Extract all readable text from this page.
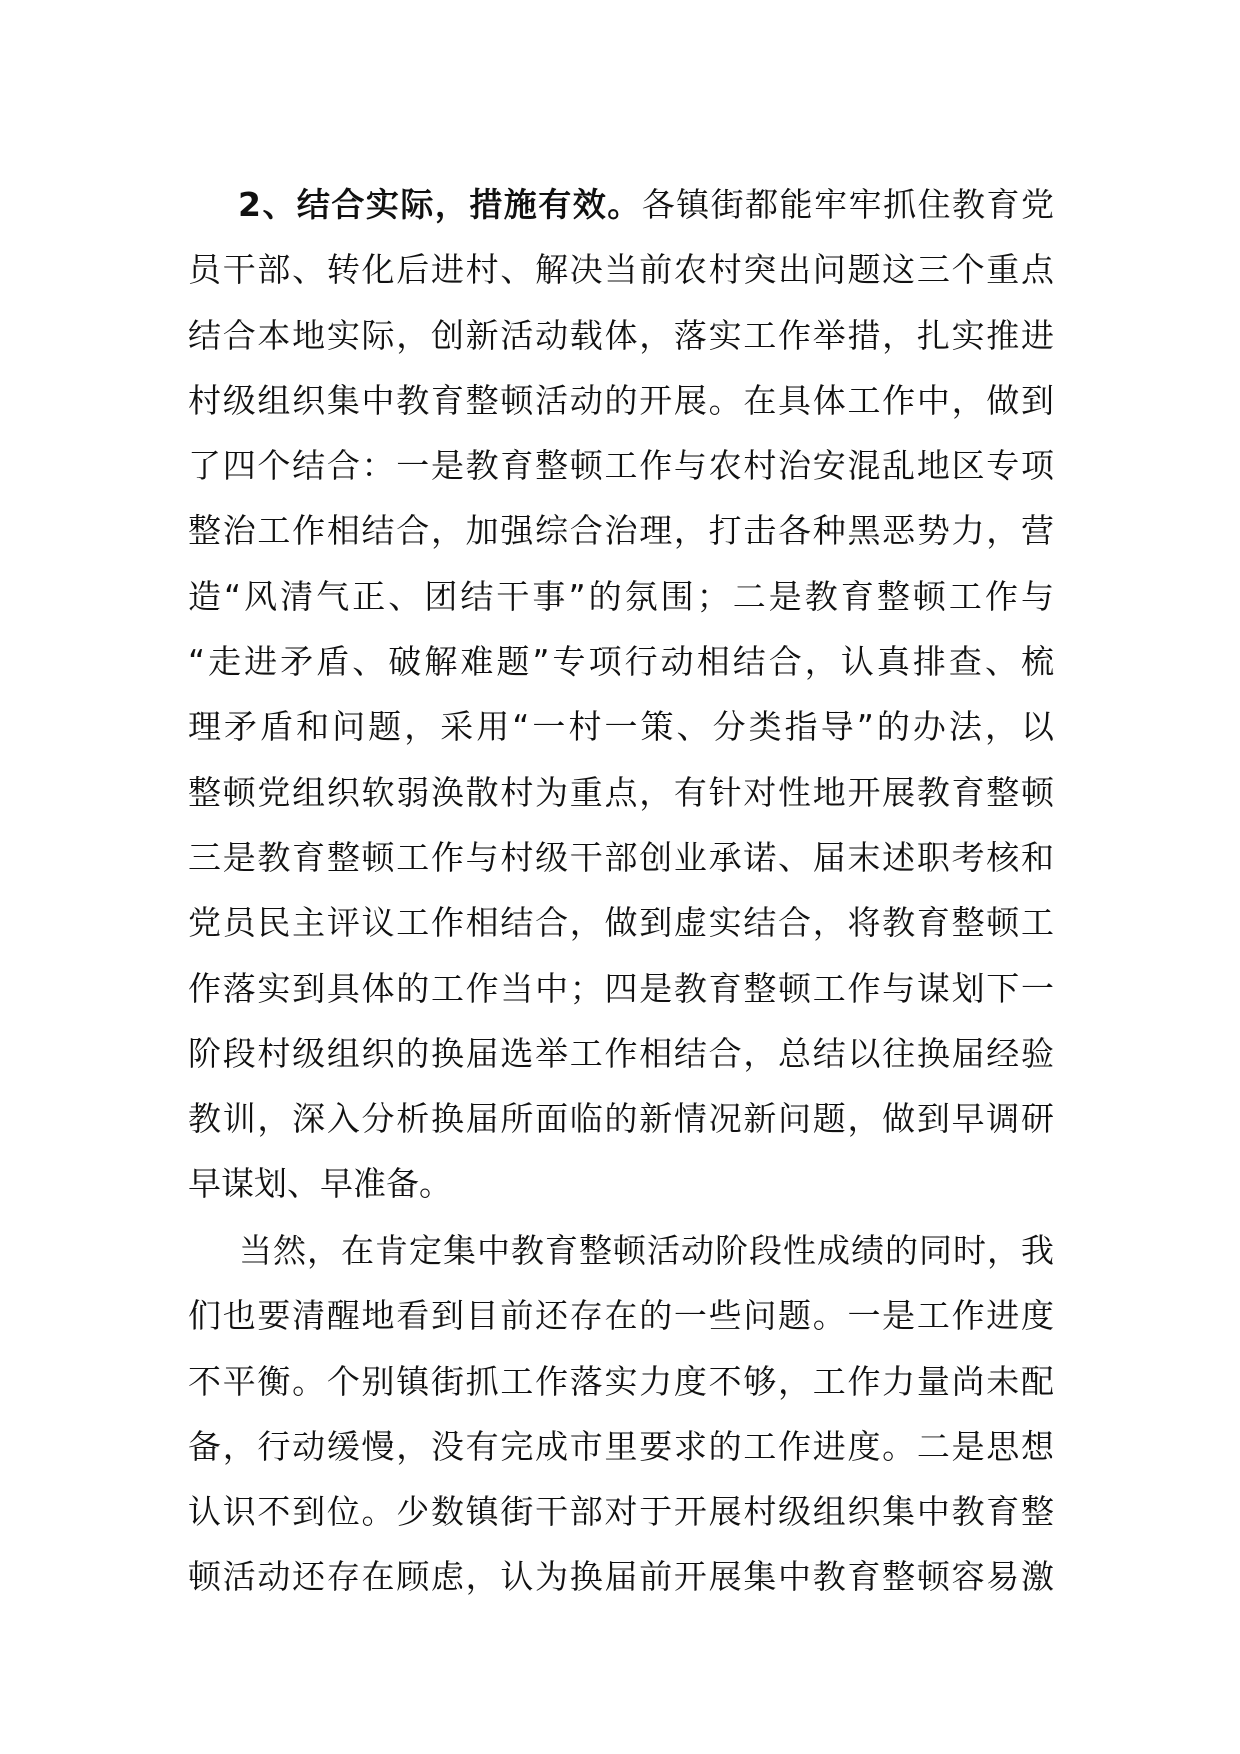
2、结合实际，措施有效。各镇街都能牢牢抓住教育党
员干部、转化后进村、解决当前农村突出问题这三个重点
结合本地实际，创新活动载体，落实工作举措，扎实推进
村级组织集中教育整顿活动的开展。在具体工作中，做到
了四个结合：一是教育整顿工作与农村治安混乱地区专项
整治工作相结合，加强综合治理，打击各种黑恶势力，营
造“风清气正、团结干事”的氛围；二是教育整顿工作与
“走进矛盾、破解难题”专项行动相结合，认真排查、梳
理矛盾和问题，采用“一村一策、分类指导”的办法，以
整顿党组织软弱涣散村为重点，有针对性地开展教育整顿
三是教育整顿工作与村级干部创业承诺、届末述职考核和
党员民主评议工作相结合，做到虚实结合，将教育整顿工
作落实到具体的工作当中；四是教育整顿工作与谋划下一
阶段村级组织的换届选举工作相结合，总结以往换届经验
教训，深入分析换届所面临的新情况新问题，做到早调研
早谋划、早准备。
当然，在肯定集中教育整顿活动阶段性成绩的同时，我
们也要清醒地看到目前还存在的一些问题。一是工作进度
不平衡。个别镇街抓工作落实力度不够，工作力量尚未配
备，行动缓慢，没有完成市里要求的工作进度。二是思想
认识不到位。少数镇街干部对于开展村级组织集中教育整
顿活动还存在顾虑，认为换届前开展集中教育整顿容易激
